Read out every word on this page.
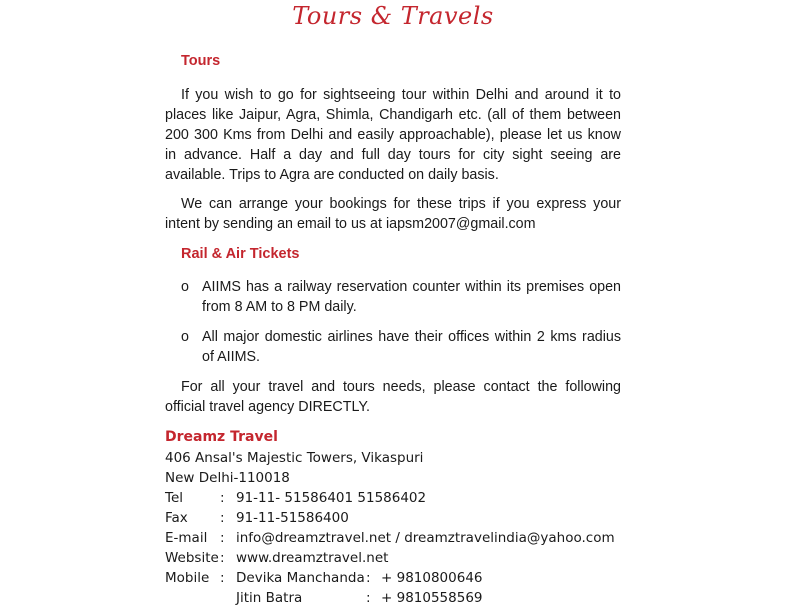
Tours & Travels
Tours

If you wish to go for sightseeing tour within Delhi and around it to places like Jaipur, Agra, Shimla, Chandigarh etc. (all of them between 200 300 Kms from Delhi and easily approachable), please let us know in advance. Half a day and full day tours for city sight seeing are available. Trips to Agra are conducted on daily basis.

We can arrange your bookings for these trips if you express your intent by sending an email to us at iapsm2007@gmail.com

Rail & Air Tickets
o AIIMS has a railway reservation counter within its premises open from 8 AM to 8 PM daily.
o All major domestic airlines have their offices within 2 kms radius of AIIMS.

For all your travel and tours needs, please contact the following official travel agency DIRECTLY.

Dreamz Travel
406 Ansal's Majestic Towers, Vikaspuri
New Delhi-110018
Tel	: 91-11- 51586401 51586402
Fax : 91-11-51586400
E-mail : info@dreamztravel.net / dreamztravelindia@yahoo.com
Website : www.dreamztravel.net
Mobile : Devika Manchanda : + 9810800646
Jitin Batra	: + 9810558569
